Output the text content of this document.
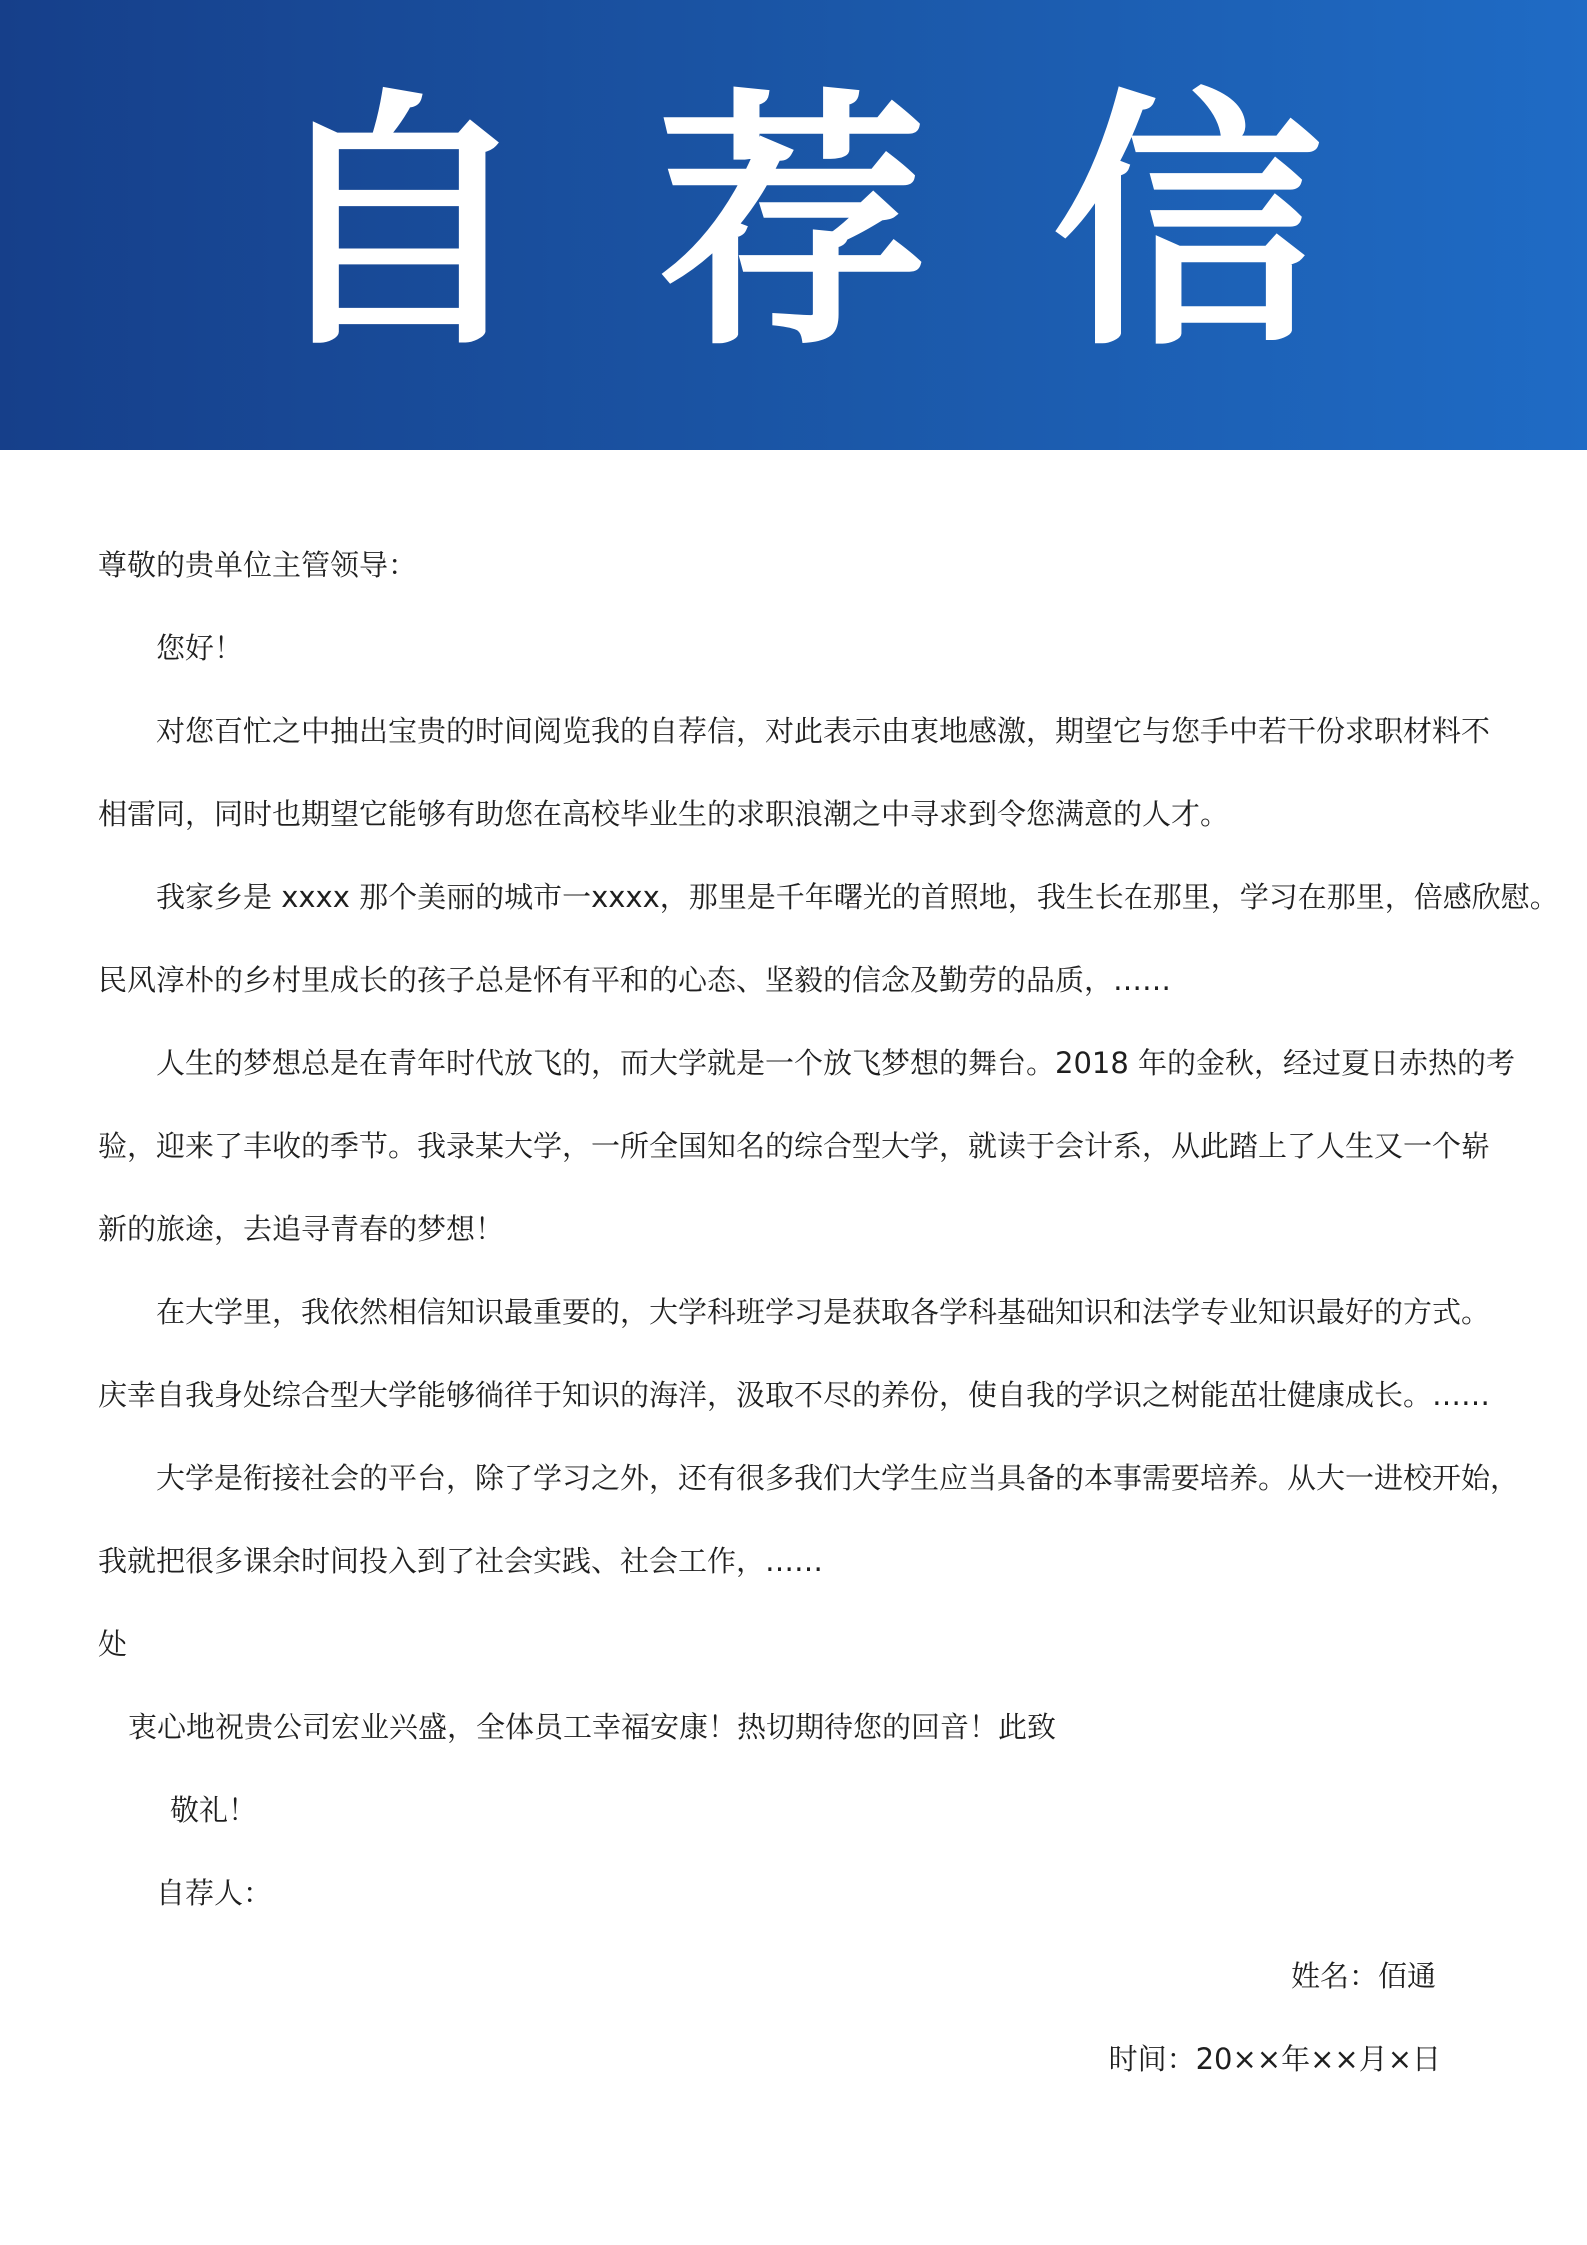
自 荐 信
尊敬的贵单位主管领导：
您好！
对您百忙之中抽出宝贵的时间阅览我的自荐信，对此表示由衷地感激，期望它与您手中若干份求职材料不
相雷同，同时也期望它能够有助您在高校毕业生的求职浪潮之中寻求到令您满意的人才。
我家乡是 xxxx 那个美丽的城市一xxxx，那里是千年曙光的首照地，我生长在那里，学习在那里，倍感欣慰。
民风淳朴的乡村里成长的孩子总是怀有平和的心态、坚毅的信念及勤劳的品质，……
人生的梦想总是在青年时代放飞的，而大学就是一个放飞梦想的舞台。2018 年的金秋，经过夏日赤热的考
验，迎来了丰收的季节。我录某大学，一所全国知名的综合型大学，就读于会计系，从此踏上了人生又一个崭
新的旅途，去追寻青春的梦想！
在大学里，我依然相信知识最重要的，大学科班学习是获取各学科基础知识和法学专业知识最好的方式。
庆幸自我身处综合型大学能够徜徉于知识的海洋，汲取不尽的养份，使自我的学识之树能茁壮健康成长。……
大学是衔接社会的平台，除了学习之外，还有很多我们大学生应当具备的本事需要培养。从大一进校开始，
我就把很多课余时间投入到了社会实践、社会工作，……
处
衷心地祝贵公司宏业兴盛，全体员工幸福安康！热切期待您的回音！此致
敬礼！
自荐人：
姓名：佰通
时间：20××年××月×日
